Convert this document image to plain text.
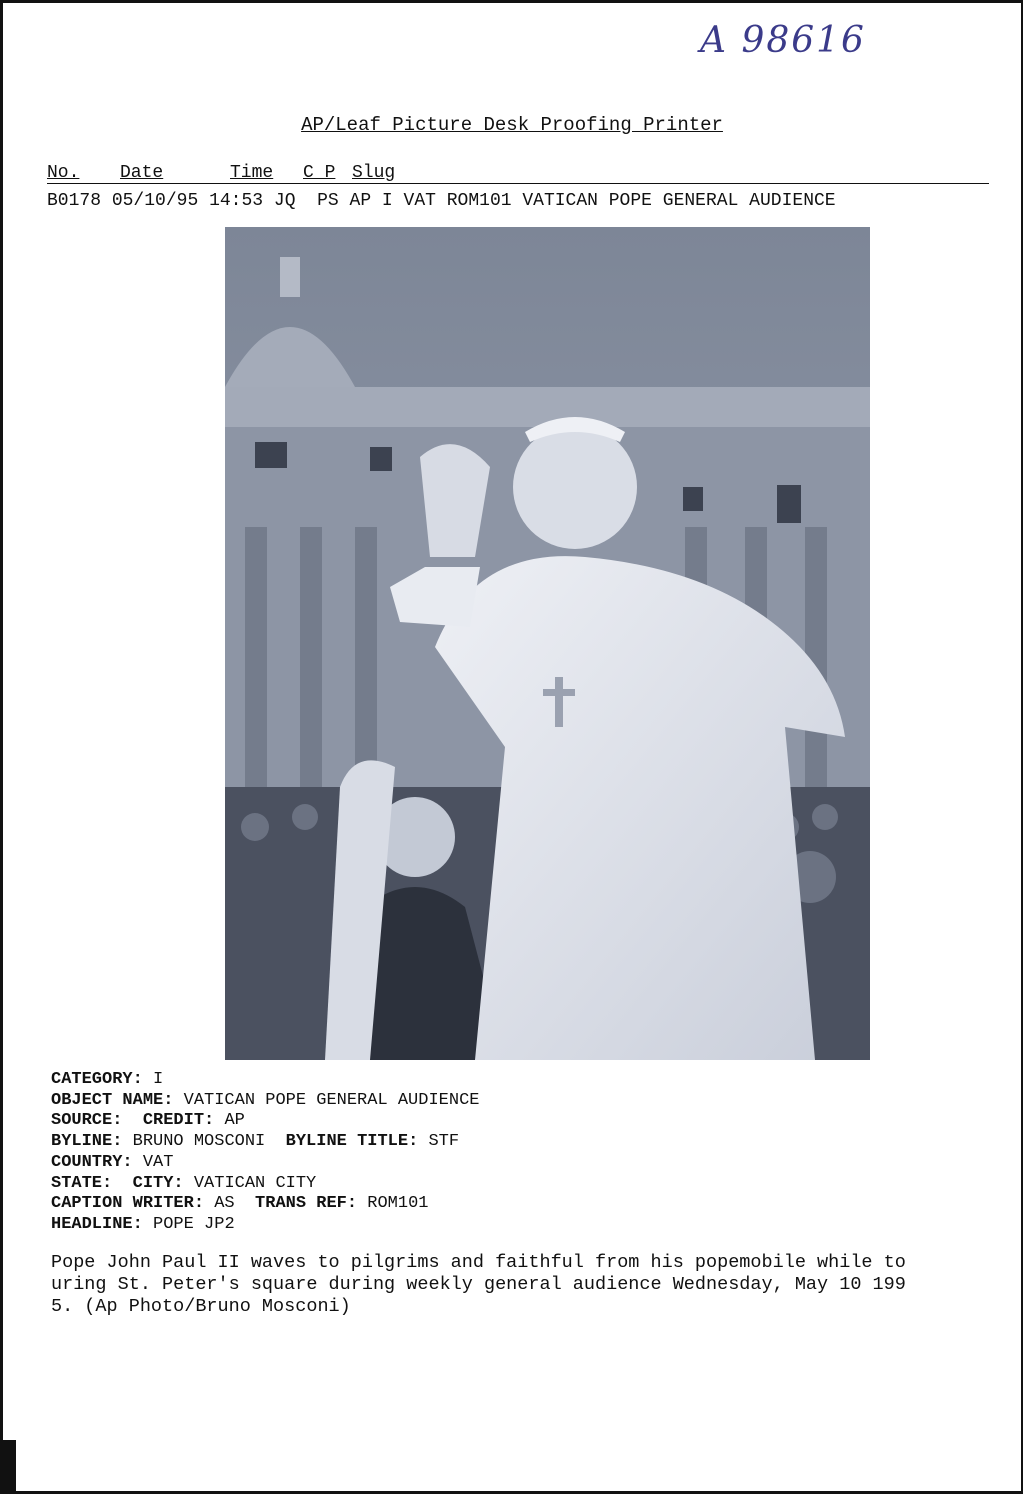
A 98616
AP/Leaf Picture Desk Proofing Printer
No. Date	Time C P Slug
B0178 05/10/95 14:53 JQ PS AP I VAT ROM101 VATICAN POPE GENERAL AUDIENCE
CATEGORY: I
OBJECT NAME: VATICAN POPE GENERAL AUDIENCE
SOURCE: CREDIT: AP
BYLINE: BRUNO MOSCONI BYLINE TITLE: STF
COUNTRY: VAT
STATE: CITY: VATICAN CITY
CAPTION WRITER: AS TRANS REF: ROM101
HEADLINE: POPE JP2
Pope John Paul II waves to pilgrims and faithful from his popemobile while to
uring St. Peter's square during weekly general audience Wednesday, May 10 199
5. (Ap Photo/Bruno Mosconi)
